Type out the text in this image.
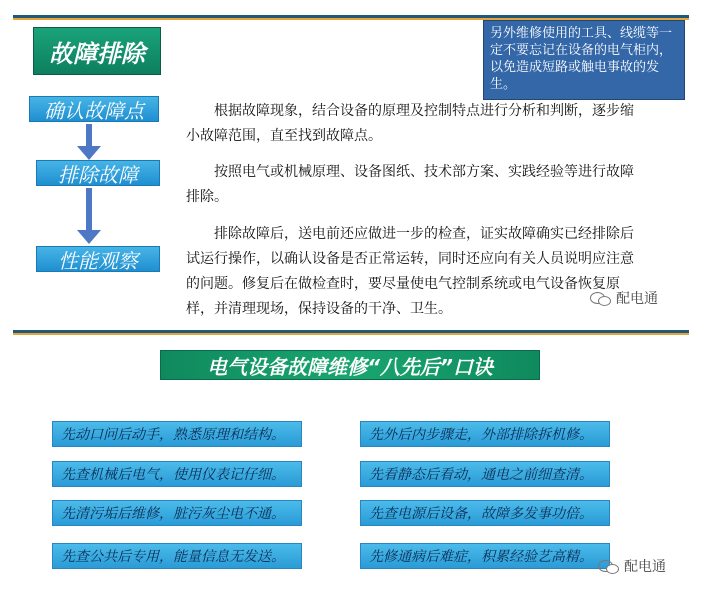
故障排除
另外维修使用的工具、线缆等一定不要忘记在设备的电气柜内，以免造成短路或触电事故的发生。
确认故障点
排除故障
性能观察

根据故障现象，结合设备的原理及控制特点进行分析和判断，逐步缩小故障范围，直至找到故障点。

按照电气或机械原理、设备图纸、技术部方案、实践经验等进行故障排除。

排除故障后，送电前还应做进一步的检查，证实故障确实已经排除后试运行操作，以确认设备是否正常运转，同时还应向有关人员说明应注意的问题。修复后在做检查时，要尽量使电气控制系统或电气设备恢复原样，并清理现场，保持设备的干净、卫生。

配电通
电气设备故障维修“八先后”口诀
先动口问后动手，熟悉原理和结构。
先查机械后电气，使用仪表记仔细。
先清污垢后维修，脏污灰尘电不通。
先查公共后专用，能量信息无发送。
先外后内步骤走，外部排除拆机修。
先看静态后看动，通电之前细查清。
先查电源后设备，故障多发事功倍。
先修通病后难症，积累经验艺高精。
配电通
